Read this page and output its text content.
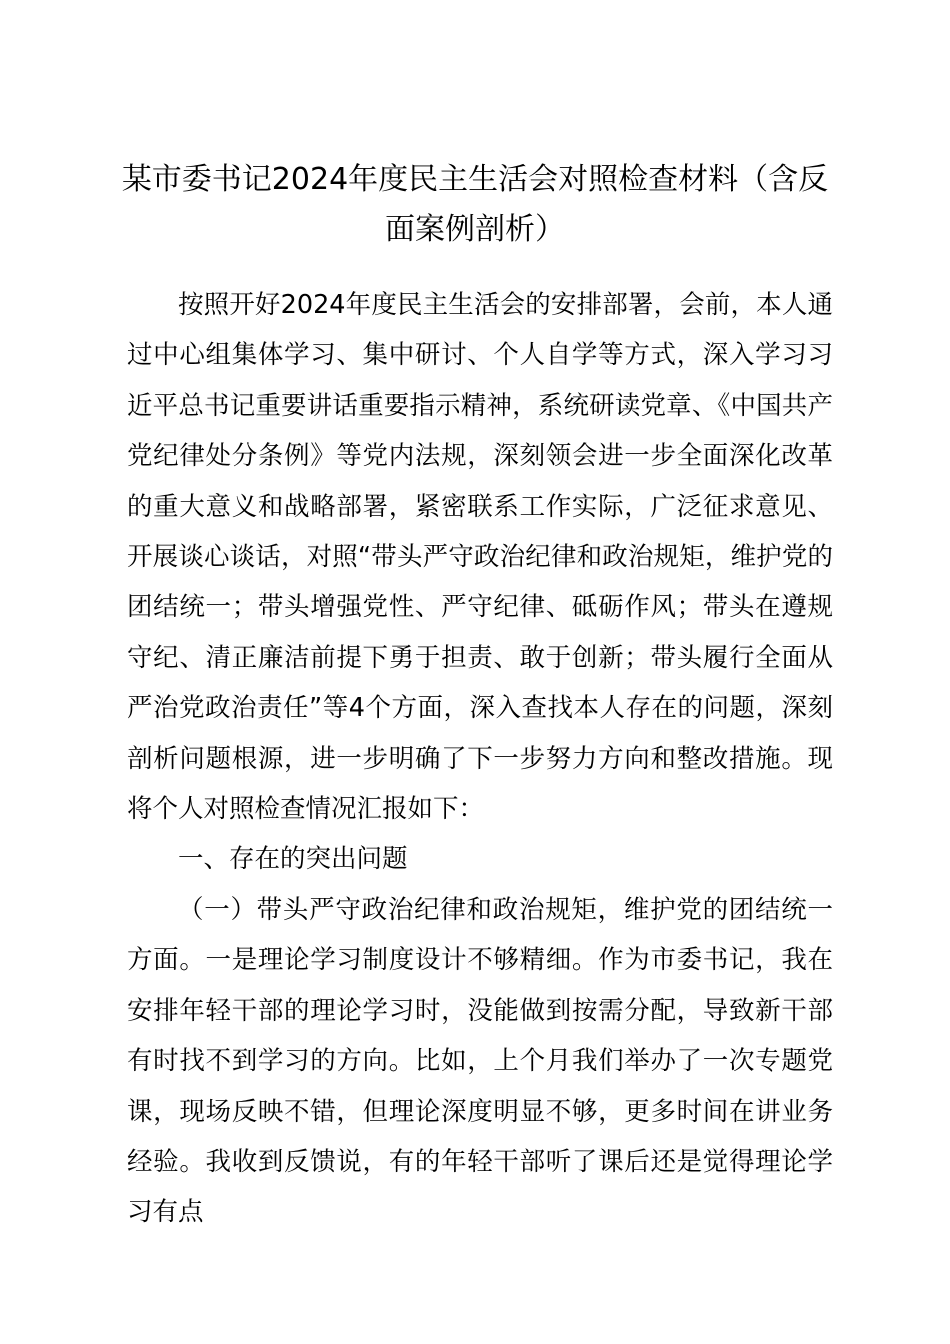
某市委书记2024年度民主生活会对照检查材料（含反面案例剖析）

按照开好2024年度民主生活会的安排部署，会前，本人通过中心组集体学习、集中研讨、个人自学等方式，深入学习习近平总书记重要讲话重要指示精神，系统研读党章、《中国共产党纪律处分条例》等党内法规，深刻领会进一步全面深化改革的重大意义和战略部署，紧密联系工作实际，广泛征求意见、开展谈心谈话，对照“带头严守政治纪律和政治规矩，维护党的团结统一；带头增强党性、严守纪律、砥砺作风；带头在遵规守纪、清正廉洁前提下勇于担责、敢于创新；带头履行全面从严治党政治责任”等4个方面，深入查找本人存在的问题，深刻剖析问题根源，进一步明确了下一步努力方向和整改措施。现将个人对照检查情况汇报如下：

一、存在的突出问题

（一）带头严守政治纪律和政治规矩，维护党的团结统一方面。一是理论学习制度设计不够精细。作为市委书记，我在安排年轻干部的理论学习时，没能做到按需分配，导致新干部有时找不到学习的方向。比如，上个月我们举办了一次专题党课，现场反映不错，但理论深度明显不够，更多时间在讲业务经验。我收到反馈说，有的年轻干部听了课后还是觉得理论学习有点
